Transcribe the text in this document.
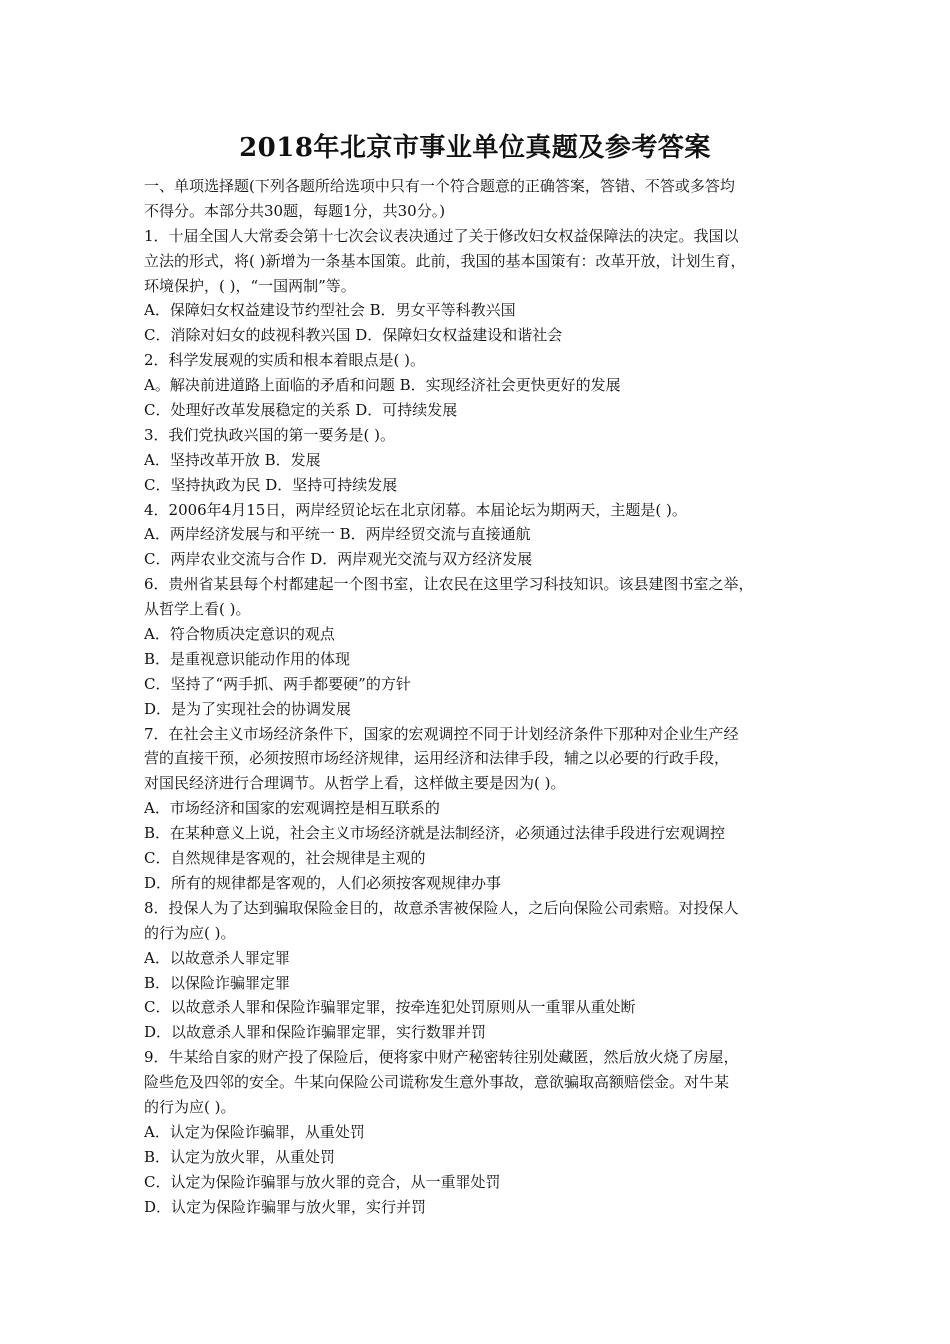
2018年北京市事业单位真题及参考答案
一、单项选择题(下列各题所给选项中只有一个符合题意的正确答案，答错、不答或多答均
不得分。本部分共30题，每题1分，共30分。)
1．十届全国人大常委会第十七次会议表决通过了关于修改妇女权益保障法的决定。我国以
立法的形式，将( )新增为一条基本国策。此前，我国的基本国策有：改革开放，计划生育，
环境保护，( )，“一国两制”等。
A．保障妇女权益建设节约型社会 B．男女平等科教兴国
C．消除对妇女的歧视科教兴国 D．保障妇女权益建设和谐社会
2．科学发展观的实质和根本着眼点是( )。
A。解决前进道路上面临的矛盾和问题 B．实现经济社会更快更好的发展
C．处理好改革发展稳定的关系 D．可持续发展
3．我们党执政兴国的第一要务是( )。
A．坚持改革开放 B．发展
C．坚持执政为民 D．坚持可持续发展
4．2006年4月15日，两岸经贸论坛在北京闭幕。本届论坛为期两天，主题是( )。
A．两岸经济发展与和平统一 B．两岸经贸交流与直接通航
C．两岸农业交流与合作 D．两岸观光交流与双方经济发展
6．贵州省某县每个村都建起一个图书室，让农民在这里学习科技知识。该县建图书室之举，
从哲学上看( )。
A．符合物质决定意识的观点
B．是重视意识能动作用的体现
C．坚持了“两手抓、两手都要硬”的方针
D．是为了实现社会的协调发展
7．在社会主义市场经济条件下，国家的宏观调控不同于计划经济条件下那种对企业生产经
营的直接干预，必须按照市场经济规律，运用经济和法律手段，辅之以必要的行政手段，
对国民经济进行合理调节。从哲学上看，这样做主要是因为( )。
A．市场经济和国家的宏观调控是相互联系的
B．在某种意义上说，社会主义市场经济就是法制经济，必须通过法律手段进行宏观调控
C．自然规律是客观的，社会规律是主观的
D．所有的规律都是客观的，人们必须按客观规律办事
8．投保人为了达到骗取保险金目的，故意杀害被保险人，之后向保险公司索赔。对投保人
的行为应( )。
A．以故意杀人罪定罪
B．以保险诈骗罪定罪
C．以故意杀人罪和保险诈骗罪定罪，按牵连犯处罚原则从一重罪从重处断
D．以故意杀人罪和保险诈骗罪定罪，实行数罪并罚
9．牛某给自家的财产投了保险后，便将家中财产秘密转往别处藏匿，然后放火烧了房屋，
险些危及四邻的安全。牛某向保险公司谎称发生意外事故，意欲骗取高额赔偿金。对牛某
的行为应( )。
A．认定为保险诈骗罪，从重处罚
B．认定为放火罪，从重处罚
C．认定为保险诈骗罪与放火罪的竞合，从一重罪处罚
D．认定为保险诈骗罪与放火罪，实行并罚
